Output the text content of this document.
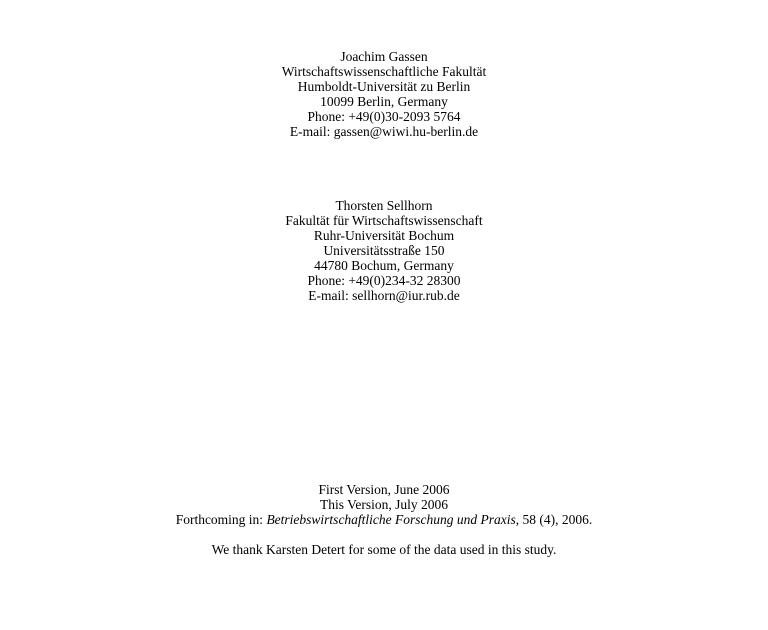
Joachim Gassen
Wirtschaftswissenschaftliche Fakultät
Humboldt-Universität zu Berlin
10099 Berlin, Germany
Phone: +49(0)30-2093 5764
E-mail: gassen@wiwi.hu-berlin.de
Thorsten Sellhorn
Fakultät für Wirtschaftswissenschaft
Ruhr-Universität Bochum
Universitätsstraße 150
44780 Bochum, Germany
Phone: +49(0)234-32 28300
E-mail: sellhorn@iur.rub.de
First Version, June 2006
This Version, July 2006
Forthcoming in: Betriebswirtschaftliche Forschung und Praxis, 58 (4), 2006.
We thank Karsten Detert for some of the data used in this study.
